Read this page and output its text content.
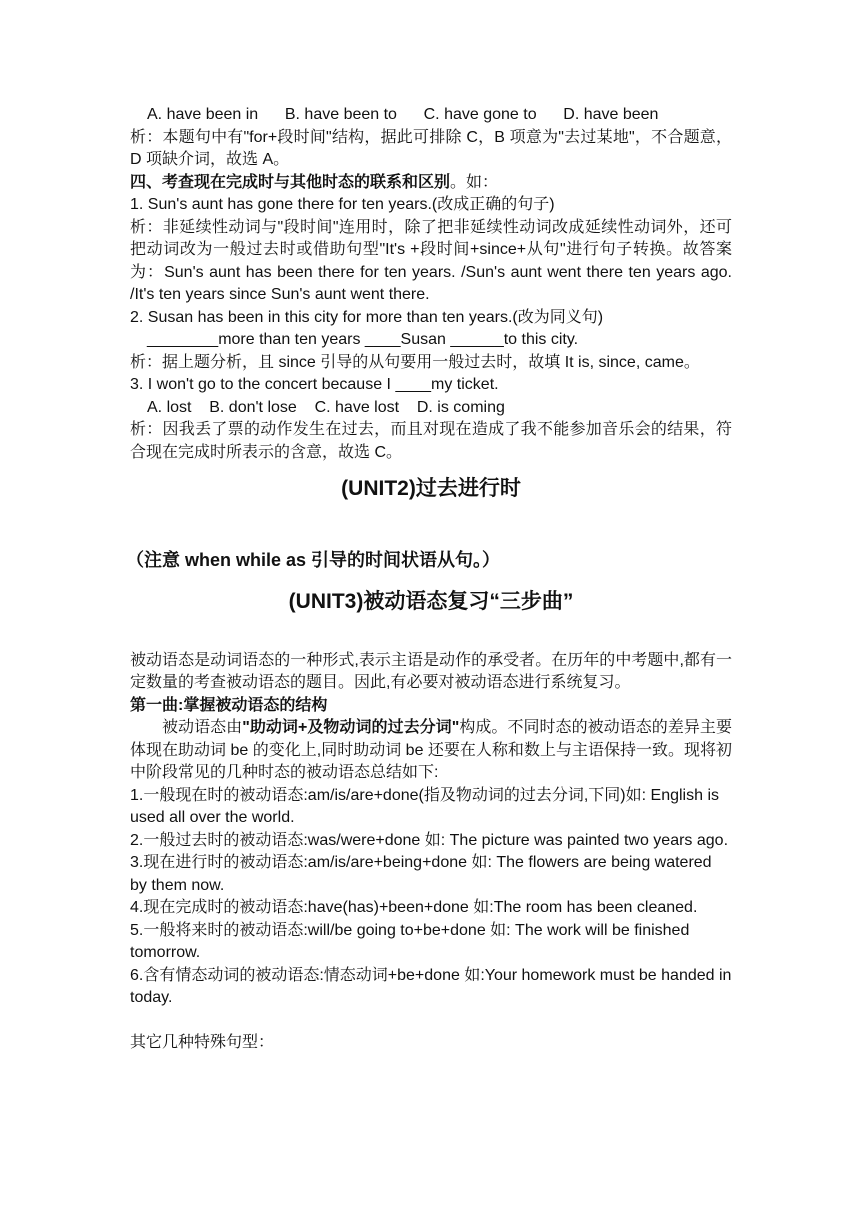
A. have been in      B. have been to      C. have gone to      D. have been
析：本题句中有"for+段时间"结构，据此可排除 C，B 项意为"去过某地"，不合题意，D 项缺介词，故选 A。
四、考查现在完成时与其他时态的联系和区别。如：
1. Sun's aunt has gone there for ten years.(改成正确的句子)
析：非延续性动词与"段时间"连用时，除了把非延续性动词改成延续性动词外，还可把动词改为一般过去时或借助句型"It's +段时间+since+从句"进行句子转换。故答案为：Sun's aunt has been there for ten years. /Sun's aunt went there ten years ago. /It's ten years since Sun's aunt went there.
2. Susan has been in this city for more than ten years.(改为同义句)
________more than ten years ____Susan ______to this city.
析：据上题分析，且 since 引导的从句要用一般过去时，故填 It is, since, came。
3. I won't go to the concert because I ____my ticket.
A. lost    B. don't lose    C. have lost    D. is coming
析：因我丢了票的动作发生在过去，而且对现在造成了我不能参加音乐会的结果，符合现在完成时所表示的含意，故选 C。
(UNIT2)过去进行时
（注意 when while as 引导的时间状语从句。）
(UNIT3)被动语态复习“三步曲”
被动语态是动词语态的一种形式,表示主语是动作的承受者。在历年的中考题中,都有一定数量的考查被动语态的题目。因此,有必要对被动语态进行系统复习。
第一曲:掌握被动语态的结构
被动语态由"助动词+及物动词的过去分词"构成。不同时态的被动语态的差异主要体现在助动词 be 的变化上,同时助动词 be 还要在人称和数上与主语保持一致。现将初中阶段常见的几种时态的被动语态总结如下:
1.一般现在时的被动语态:am/is/are+done(指及物动词的过去分词,下同)如: English is used all over the world.
2.一般过去时的被动语态:was/were+done 如: The picture was painted two years ago.
3.现在进行时的被动语态:am/is/are+being+done 如: The flowers are being watered by them now.
4.现在完成时的被动语态:have(has)+been+done 如:The room has been cleaned.
5.一般将来时的被动语态:will/be going to+be+done 如: The work will be finished tomorrow.
6.含有情态动词的被动语态:情态动词+be+done 如:Your homework must be handed in today.
其它几种特殊句型：
